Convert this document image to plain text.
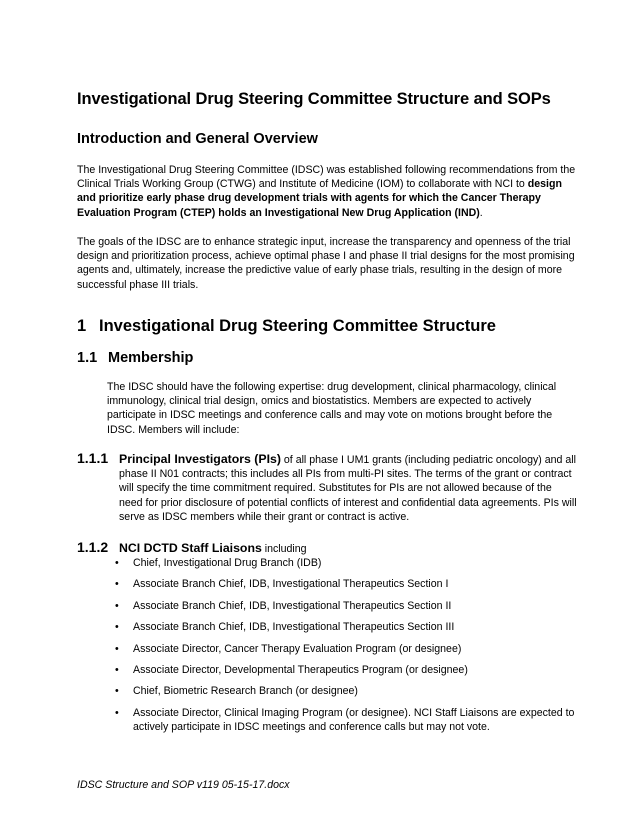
Investigational Drug Steering Committee Structure and SOPs
Introduction and General Overview

The Investigational Drug Steering Committee (IDSC) was established following recommendations from the Clinical Trials Working Group (CTWG) and Institute of Medicine (IOM) to collaborate with NCI to design and prioritize early phase drug development trials with agents for which the Cancer Therapy Evaluation Program (CTEP) holds an Investigational New Drug Application (IND).

The goals of the IDSC are to enhance strategic input, increase the transparency and openness of the trial design and prioritization process, achieve optimal phase I and phase II trial designs for the most promising agents and, ultimately, increase the predictive value of early phase trials, resulting in the design of more successful phase III trials.

1 Investigational Drug Steering Committee Structure
1.1 Membership

The IDSC should have the following expertise: drug development, clinical pharmacology, clinical immunology, clinical trial design, omics and biostatistics. Members are expected to actively participate in IDSC meetings and conference calls and may vote on motions brought before the IDSC. Members will include:

1.1.1 Principal Investigators (PIs) of all phase I UM1 grants (including pediatric oncology) and all
phase II N01 contracts; this includes all PIs from multi-PI sites. The terms of the grant or contract will specify the time commitment required. Substitutes for PIs are not allowed because of the need for prior disclosure of potential conflicts of interest and confidential data agreements. PIs will serve as IDSC members while their grant or contract is active.
1.1.2 NCI DCTD Staff Liaisons including
• Chief, Investigational Drug Branch (IDB)
• Associate Branch Chief, IDB, Investigational Therapeutics Section I
• Associate Branch Chief, IDB, Investigational Therapeutics Section II
• Associate Branch Chief, IDB, Investigational Therapeutics Section III
• Associate Director, Cancer Therapy Evaluation Program (or designee)
• Associate Director, Developmental Therapeutics Program (or designee)
• Chief, Biometric Research Branch (or designee)
• Associate Director, Clinical Imaging Program (or designee). NCI Staff Liaisons are expected to actively participate in IDSC meetings and conference calls but may not vote.

IDSC Structure and SOP v119 05-15-17.docx
